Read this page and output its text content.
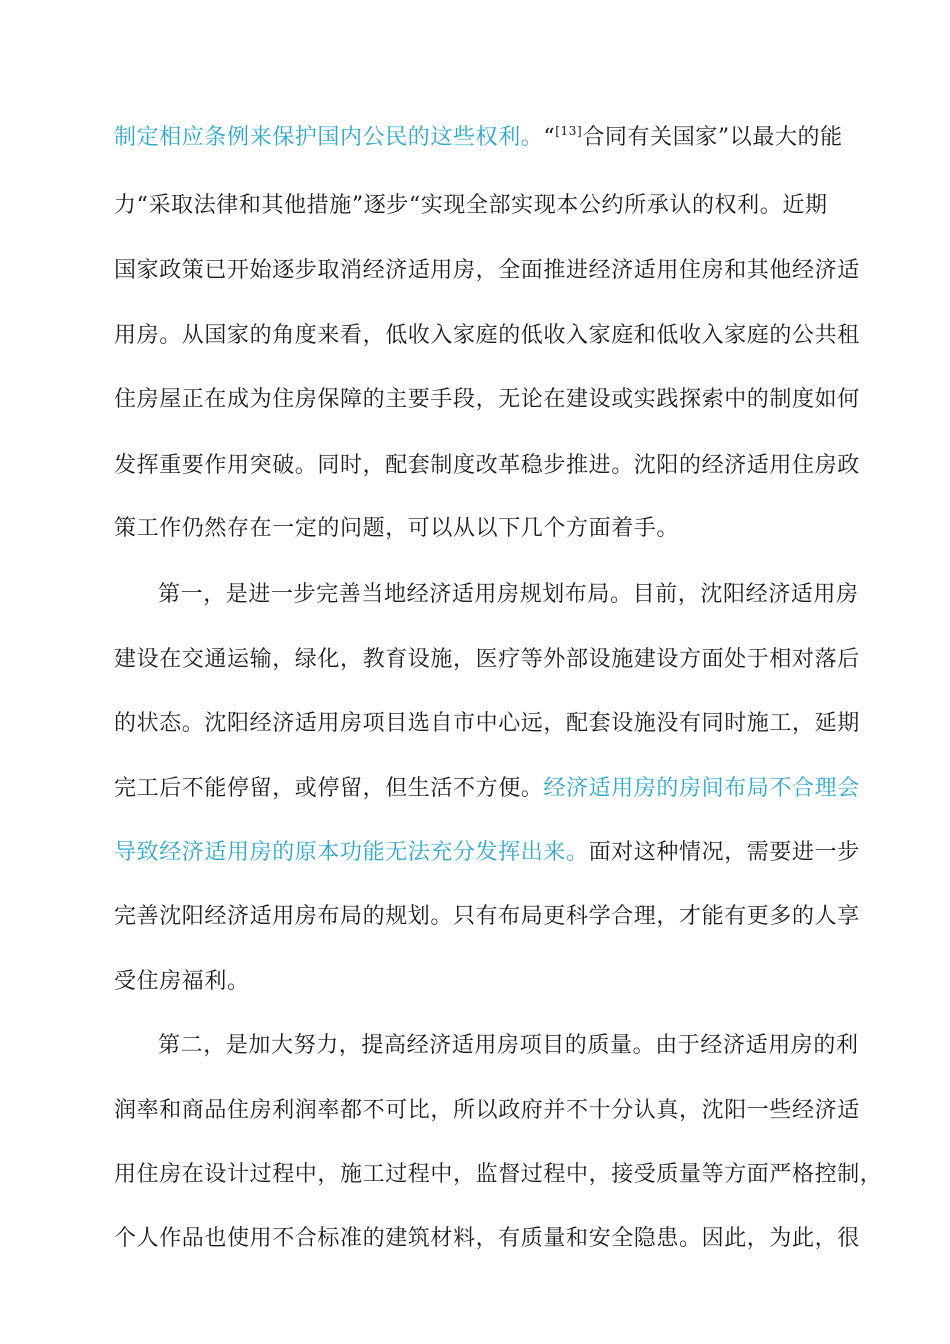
制定相应条例来保护国内公民的这些权利。“[13]合同有关国家”以最大的能
力“采取法律和其他措施”逐步“实现全部实现本公约所承认的权利。近期
国家政策已开始逐步取消经济适用房，全面推进经济适用住房和其他经济适
用房。从国家的角度来看，低收入家庭的低收入家庭和低收入家庭的公共租
住房屋正在成为住房保障的主要手段，无论在建设或实践探索中的制度如何
发挥重要作用突破。同时，配套制度改革稳步推进。沈阳的经济适用住房政
策工作仍然存在一定的问题，可以从以下几个方面着手。
第一，是进一步完善当地经济适用房规划布局。目前，沈阳经济适用房
建设在交通运输，绿化，教育设施，医疗等外部设施建设方面处于相对落后
的状态。沈阳经济适用房项目选自市中心远，配套设施没有同时施工，延期
完工后不能停留，或停留，但生活不方便。经济适用房的房间布局不合理会
导致经济适用房的原本功能无法充分发挥出来。面对这种情况，需要进一步
完善沈阳经济适用房布局的规划。只有布局更科学合理，才能有更多的人享
受住房福利。
第二，是加大努力，提高经济适用房项目的质量。由于经济适用房的利
润率和商品住房利润率都不可比，所以政府并不十分认真，沈阳一些经济适
用住房在设计过程中，施工过程中，监督过程中，接受质量等方面严格控制，
个人作品也使用不合标准的建筑材料，有质量和安全隐患。因此，为此，很
